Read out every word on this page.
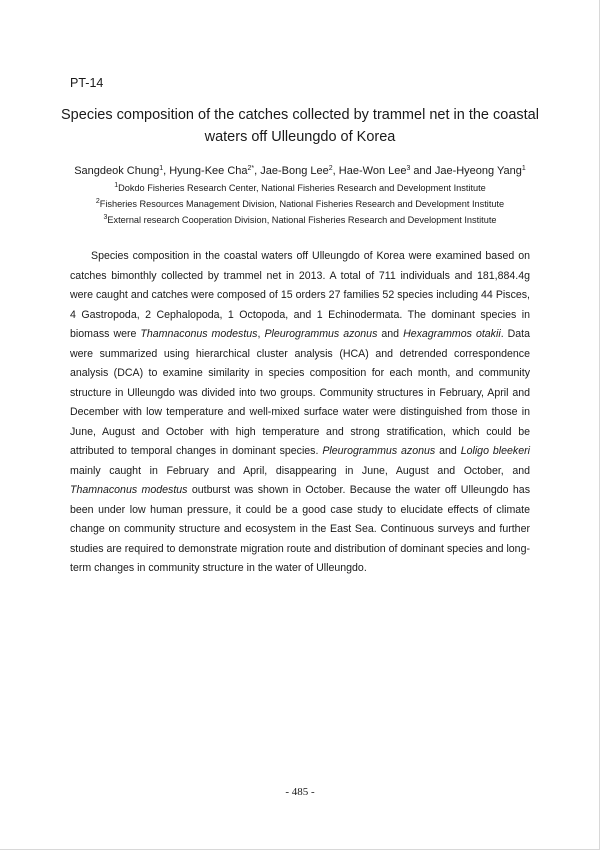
PT-14
Species composition of the catches collected by trammel net in the coastal waters off Ulleungdo of Korea
Sangdeok Chung$^1$, Hyung-Kee Cha$^{2*}$, Jae-Bong Lee$^2$, Hae-Won Lee$^3$ and Jae-Hyeong Yang$^1$
$^1$Dokdo Fisheries Research Center, National Fisheries Research and Development Institute
$^2$Fisheries Resources Management Division, National Fisheries Research and Development Institute
$^3$External research Cooperation Division, National Fisheries Research and Development Institute

Species composition in the coastal waters off Ulleungdo of Korea were examined based on catches bimonthly collected by trammel net in 2013. A total of 711 individuals and 181,884.4g were caught and catches were composed of 15 orders 27 families 52 species including 44 Pisces, 4 Gastropoda, 2 Cephalopoda, 1 Octopoda, and 1 Echinodermata. The dominant species in biomass were Thamnaconus modestus, Pleurogrammus azonus and Hexagrammos otakii. Data were summarized using hierarchical cluster analysis (HCA) and detrended correspondence analysis (DCA) to examine similarity in species composition for each month, and community structure in Ulleungdo was divided into two groups. Community structures in February, April and December with low temperature and well-mixed surface water were distinguished from those in June, August and October with high temperature and strong stratification, which could be attributed to temporal changes in dominant species. Pleurogrammus azonus and Loligo bleekeri mainly caught in February and April, disappearing in June, August and October, and Thamnaconus modestus outburst was shown in October. Because the water off Ulleungdo has been under low human pressure, it could be a good case study to elucidate effects of climate change on community structure and ecosystem in the East Sea. Continuous surveys and further studies are required to demonstrate migration route and distribution of dominant species and long-term changes in community structure in the water of Ulleungdo.

- 485 -
